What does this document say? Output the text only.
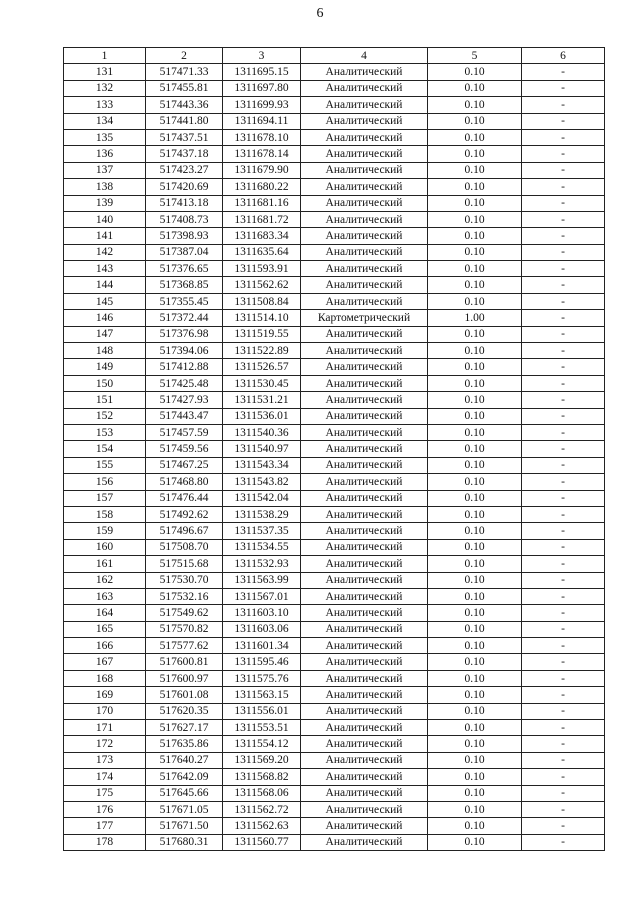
6
1	2	3	4	5	6
131	517471.33	1311695.15	Аналитический	0.10	-
132	517455.81	1311697.80	Аналитический	0.10	-
133	517443.36	1311699.93	Аналитический	0.10	-
134	517441.80	1311694.11	Аналитический	0.10	-
135	517437.51	1311678.10	Аналитический	0.10	-
136	517437.18	1311678.14	Аналитический	0.10	-
137	517423.27	1311679.90	Аналитический	0.10	-
138	517420.69	1311680.22	Аналитический	0.10	-
139	517413.18	1311681.16	Аналитический	0.10	-
140	517408.73	1311681.72	Аналитический	0.10	-
141	517398.93	1311683.34	Аналитический	0.10	-
142	517387.04	1311635.64	Аналитический	0.10	-
143	517376.65	1311593.91	Аналитический	0.10	-
144	517368.85	1311562.62	Аналитический	0.10	-
145	517355.45	1311508.84	Аналитический	0.10	-
146	517372.44	1311514.10	Картометрический	1.00	-
147	517376.98	1311519.55	Аналитический	0.10	-
148	517394.06	1311522.89	Аналитический	0.10	-
149	517412.88	1311526.57	Аналитический	0.10	-
150	517425.48	1311530.45	Аналитический	0.10	-
151	517427.93	1311531.21	Аналитический	0.10	-
152	517443.47	1311536.01	Аналитический	0.10	-
153	517457.59	1311540.36	Аналитический	0.10	-
154	517459.56	1311540.97	Аналитический	0.10	-
155	517467.25	1311543.34	Аналитический	0.10	-
156	517468.80	1311543.82	Аналитический	0.10	-
157	517476.44	1311542.04	Аналитический	0.10	-
158	517492.62	1311538.29	Аналитический	0.10	-
159	517496.67	1311537.35	Аналитический	0.10	-
160	517508.70	1311534.55	Аналитический	0.10	-
161	517515.68	1311532.93	Аналитический	0.10	-
162	517530.70	1311563.99	Аналитический	0.10	-
163	517532.16	1311567.01	Аналитический	0.10	-
164	517549.62	1311603.10	Аналитический	0.10	-
165	517570.82	1311603.06	Аналитический	0.10	-
166	517577.62	1311601.34	Аналитический	0.10	-
167	517600.81	1311595.46	Аналитический	0.10	-
168	517600.97	1311575.76	Аналитический	0.10	-
169	517601.08	1311563.15	Аналитический	0.10	-
170	517620.35	1311556.01	Аналитический	0.10	-
171	517627.17	1311553.51	Аналитический	0.10	-
172	517635.86	1311554.12	Аналитический	0.10	-
173	517640.27	1311569.20	Аналитический	0.10	-
174	517642.09	1311568.82	Аналитический	0.10	-
175	517645.66	1311568.06	Аналитический	0.10	-
176	517671.05	1311562.72	Аналитический	0.10	-
177	517671.50	1311562.63	Аналитический	0.10	-
178	517680.31	1311560.77	Аналитический	0.10	-
